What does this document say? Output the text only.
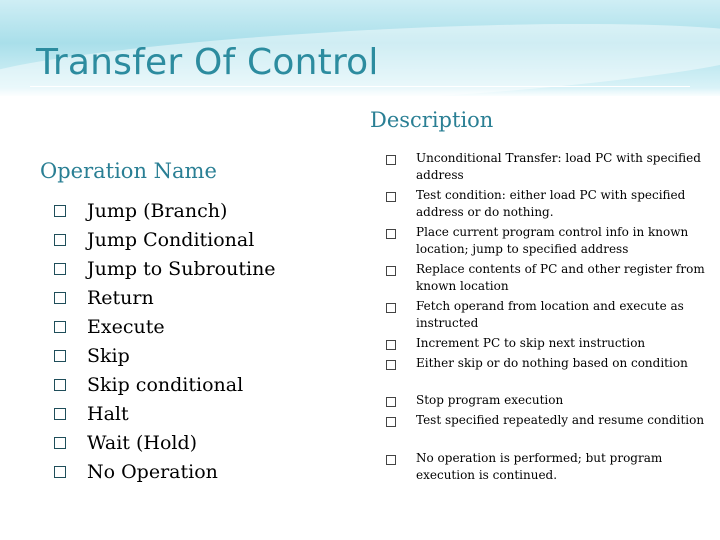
Transfer Of Control
Description
Operation Name
Jump (Branch)
Jump Conditional
Jump to Subroutine
Return
Execute
Skip
Skip conditional
Halt
Wait (Hold)
No Operation
Unconditional Transfer: load PC with specified address
Test condition: either load PC with specified address or do nothing.
Place current program control info in known location; jump to specified address
Replace contents of PC and other register from known location
Fetch operand from location and execute as instructed
Increment PC to skip next instruction
Either skip or do nothing based on condition
Stop program execution
Test specified repeatedly and resume condition
No operation is performed; but program execution is continued.
